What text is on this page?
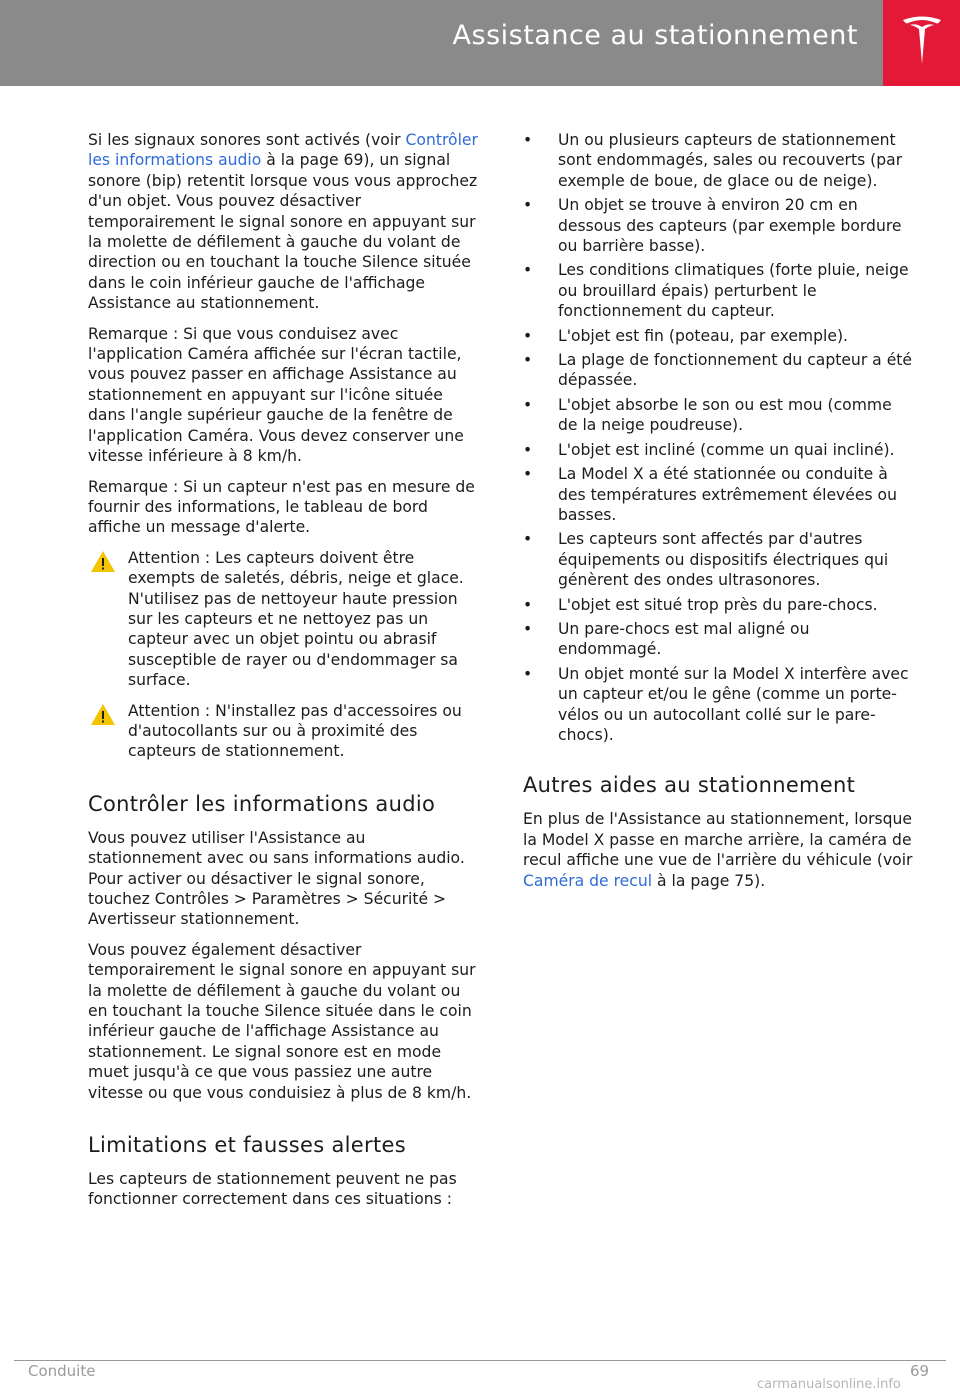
Assistance au stationnement

Si les signaux sonores sont activés (voir Contrôler les informations audio à la page 69), un signal sonore (bip) retentit lorsque vous vous approchez d'un objet. Vous pouvez désactiver temporairement le signal sonore en appuyant sur la molette de défilement à gauche du volant de direction ou en touchant la touche Silence située dans le coin inférieur gauche de l'affichage Assistance au stationnement.

Remarque : Si que vous conduisez avec l'application Caméra affichée sur l'écran tactile, vous pouvez passer en affichage Assistance au stationnement en appuyant sur l'icône située dans l'angle supérieur gauche de la fenêtre de l'application Caméra. Vous devez conserver une vitesse inférieure à 8 km/h.

Remarque : Si un capteur n'est pas en mesure de fournir des informations, le tableau de bord affiche un message d'alerte.

Attention : Les capteurs doivent être exempts de saletés, débris, neige et glace. N'utilisez pas de nettoyeur haute pression sur les capteurs et ne nettoyez pas un capteur avec un objet pointu ou abrasif susceptible de rayer ou d'endommager sa surface.
Attention : N'installez pas d'accessoires ou d'autocollants sur ou à proximité des capteurs de stationnement.
Contrôler les informations audio

Vous pouvez utiliser l'Assistance au stationnement avec ou sans informations audio. Pour activer ou désactiver le signal sonore, touchez Contrôles > Paramètres > Sécurité > Avertisseur stationnement.

Vous pouvez également désactiver temporairement le signal sonore en appuyant sur la molette de défilement à gauche du volant ou en touchant la touche Silence située dans le coin inférieur gauche de l'affichage Assistance au stationnement. Le signal sonore est en mode muet jusqu'à ce que vous passiez une autre vitesse ou que vous conduisiez à plus de 8 km/h.

Limitations et fausses alertes

Les capteurs de stationnement peuvent ne pas fonctionner correctement dans ces situations :

• Un ou plusieurs capteurs de stationnement sont endommagés, sales ou recouverts (par exemple de boue, de glace ou de neige).
• Un objet se trouve à environ 20 cm en dessous des capteurs (par exemple bordure ou barrière basse).
• Les conditions climatiques (forte pluie, neige ou brouillard épais) perturbent le fonctionnement du capteur.
• L'objet est fin (poteau, par exemple).
• La plage de fonctionnement du capteur a été dépassée.
• L'objet absorbe le son ou est mou (comme de la neige poudreuse).
• L'objet est incliné (comme un quai incliné).
• La Model X a été stationnée ou conduite à des températures extrêmement élevées ou basses.
• Les capteurs sont affectés par d'autres équipements ou dispositifs électriques qui génèrent des ondes ultrasonores.
• L'objet est situé trop près du pare-chocs.
• Un pare-chocs est mal aligné ou endommagé.
• Un objet monté sur la Model X interfère avec un capteur et/ou le gêne (comme un porte-vélos ou un autocollant collé sur le pare-chocs).
Autres aides au stationnement

En plus de l'Assistance au stationnement, lorsque la Model X passe en marche arrière, la caméra de recul affiche une vue de l'arrière du véhicule (voir Caméra de recul à la page 75).

Conduite	69
carmanualsonline.info
